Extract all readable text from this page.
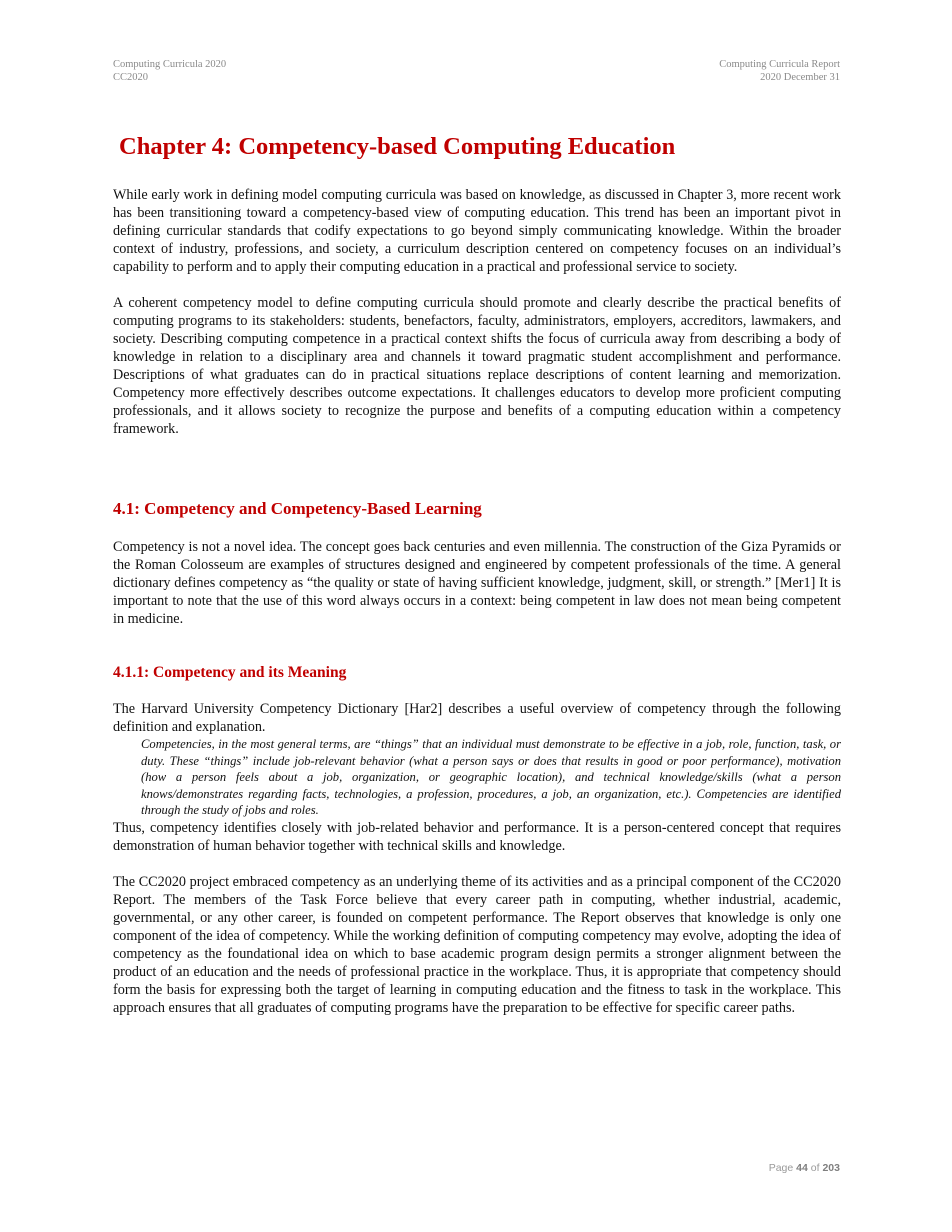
Computing Curricula 2020
CC2020
Computing Curricula Report
2020 December 31
Chapter 4: Competency-based Computing Education

While early work in defining model computing curricula was based on knowledge, as discussed in Chapter 3, more recent work has been transitioning toward a competency-based view of computing education. This trend has been an important pivot in defining curricular standards that codify expectations to go beyond simply communicating knowledge. Within the broader context of industry, professions, and society, a curriculum description centered on competency focuses on an individual’s capability to perform and to apply their computing education in a practical and professional service to society.

A coherent competency model to define computing curricula should promote and clearly describe the practical benefits of computing programs to its stakeholders: students, benefactors, faculty, administrators, employers, accreditors, lawmakers, and society. Describing computing competence in a practical context shifts the focus of curricula away from describing a body of knowledge in relation to a disciplinary area and channels it toward pragmatic student accomplishment and performance. Descriptions of what graduates can do in practical situations replace descriptions of content learning and memorization. Competency more effectively describes outcome expectations. It challenges educators to develop more proficient computing professionals, and it allows society to recognize the purpose and benefits of a computing education within a competency framework.

4.1: Competency and Competency-Based Learning

Competency is not a novel idea. The concept goes back centuries and even millennia. The construction of the Giza Pyramids or the Roman Colosseum are examples of structures designed and engineered by competent professionals of the time. A general dictionary defines competency as “the quality or state of having sufficient knowledge, judgment, skill, or strength.” [Mer1] It is important to note that the use of this word always occurs in a context: being competent in law does not mean being competent in medicine.

4.1.1: Competency and its Meaning

The Harvard University Competency Dictionary [Har2] describes a useful overview of competency through the following definition and explanation.

Competencies, in the most general terms, are “things” that an individual must demonstrate to be effective in a job, role, function, task, or duty. These “things” include job-relevant behavior (what a person says or does that results in good or poor performance), motivation (how a person feels about a job, organization, or geographic location), and technical knowledge/skills (what a person knows/demonstrates regarding facts, technologies, a profession, procedures, a job, an organization, etc.). Competencies are identified through the study of jobs and roles.

Thus, competency identifies closely with job-related behavior and performance. It is a person-centered concept that requires demonstration of human behavior together with technical skills and knowledge.

The CC2020 project embraced competency as an underlying theme of its activities and as a principal component of the CC2020 Report. The members of the Task Force believe that every career path in computing, whether industrial, academic, governmental, or any other career, is founded on competent performance. The Report observes that knowledge is only one component of the idea of competency. While the working definition of computing competency may evolve, adopting the idea of competency as the foundational idea on which to base academic program design permits a stronger alignment between the product of an education and the needs of professional practice in the workplace. Thus, it is appropriate that competency should form the basis for expressing both the target of learning in computing education and the fitness to task in the workplace. This approach ensures that all graduates of computing programs have the preparation to be effective for specific career paths.

Page 44 of 203
